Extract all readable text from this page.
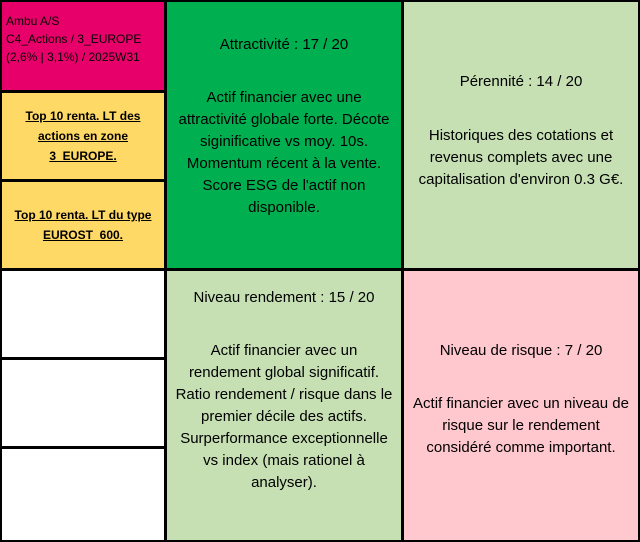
Ambu A/S
C4_Actions / 3_EUROPE
(2,6% | 3,1%) / 2025W31
Top 10 renta. LT des actions en zone 3_EUROPE.
Top 10 renta. LT du type EUROST_600.
Attractivité : 17 / 20
Actif financier avec une
attractivité globale forte. Décote
siginificative vs moy. 10s.
Momentum récent à la vente.
Score ESG de l'actif non
disponible.
Pérennité : 14 / 20
Historiques des cotations et
revenus complets avec une
capitalisation d'environ 0.3 G€.
Niveau rendement : 15 / 20
Actif financier avec un
rendement global significatif.
Ratio rendement / risque dans le
premier décile des actifs.
Surperformance exceptionnelle
vs index (mais rationel à
analyser).
Niveau de risque : 7 / 20
Actif financier avec un niveau de
risque sur le rendement
considéré comme important.
